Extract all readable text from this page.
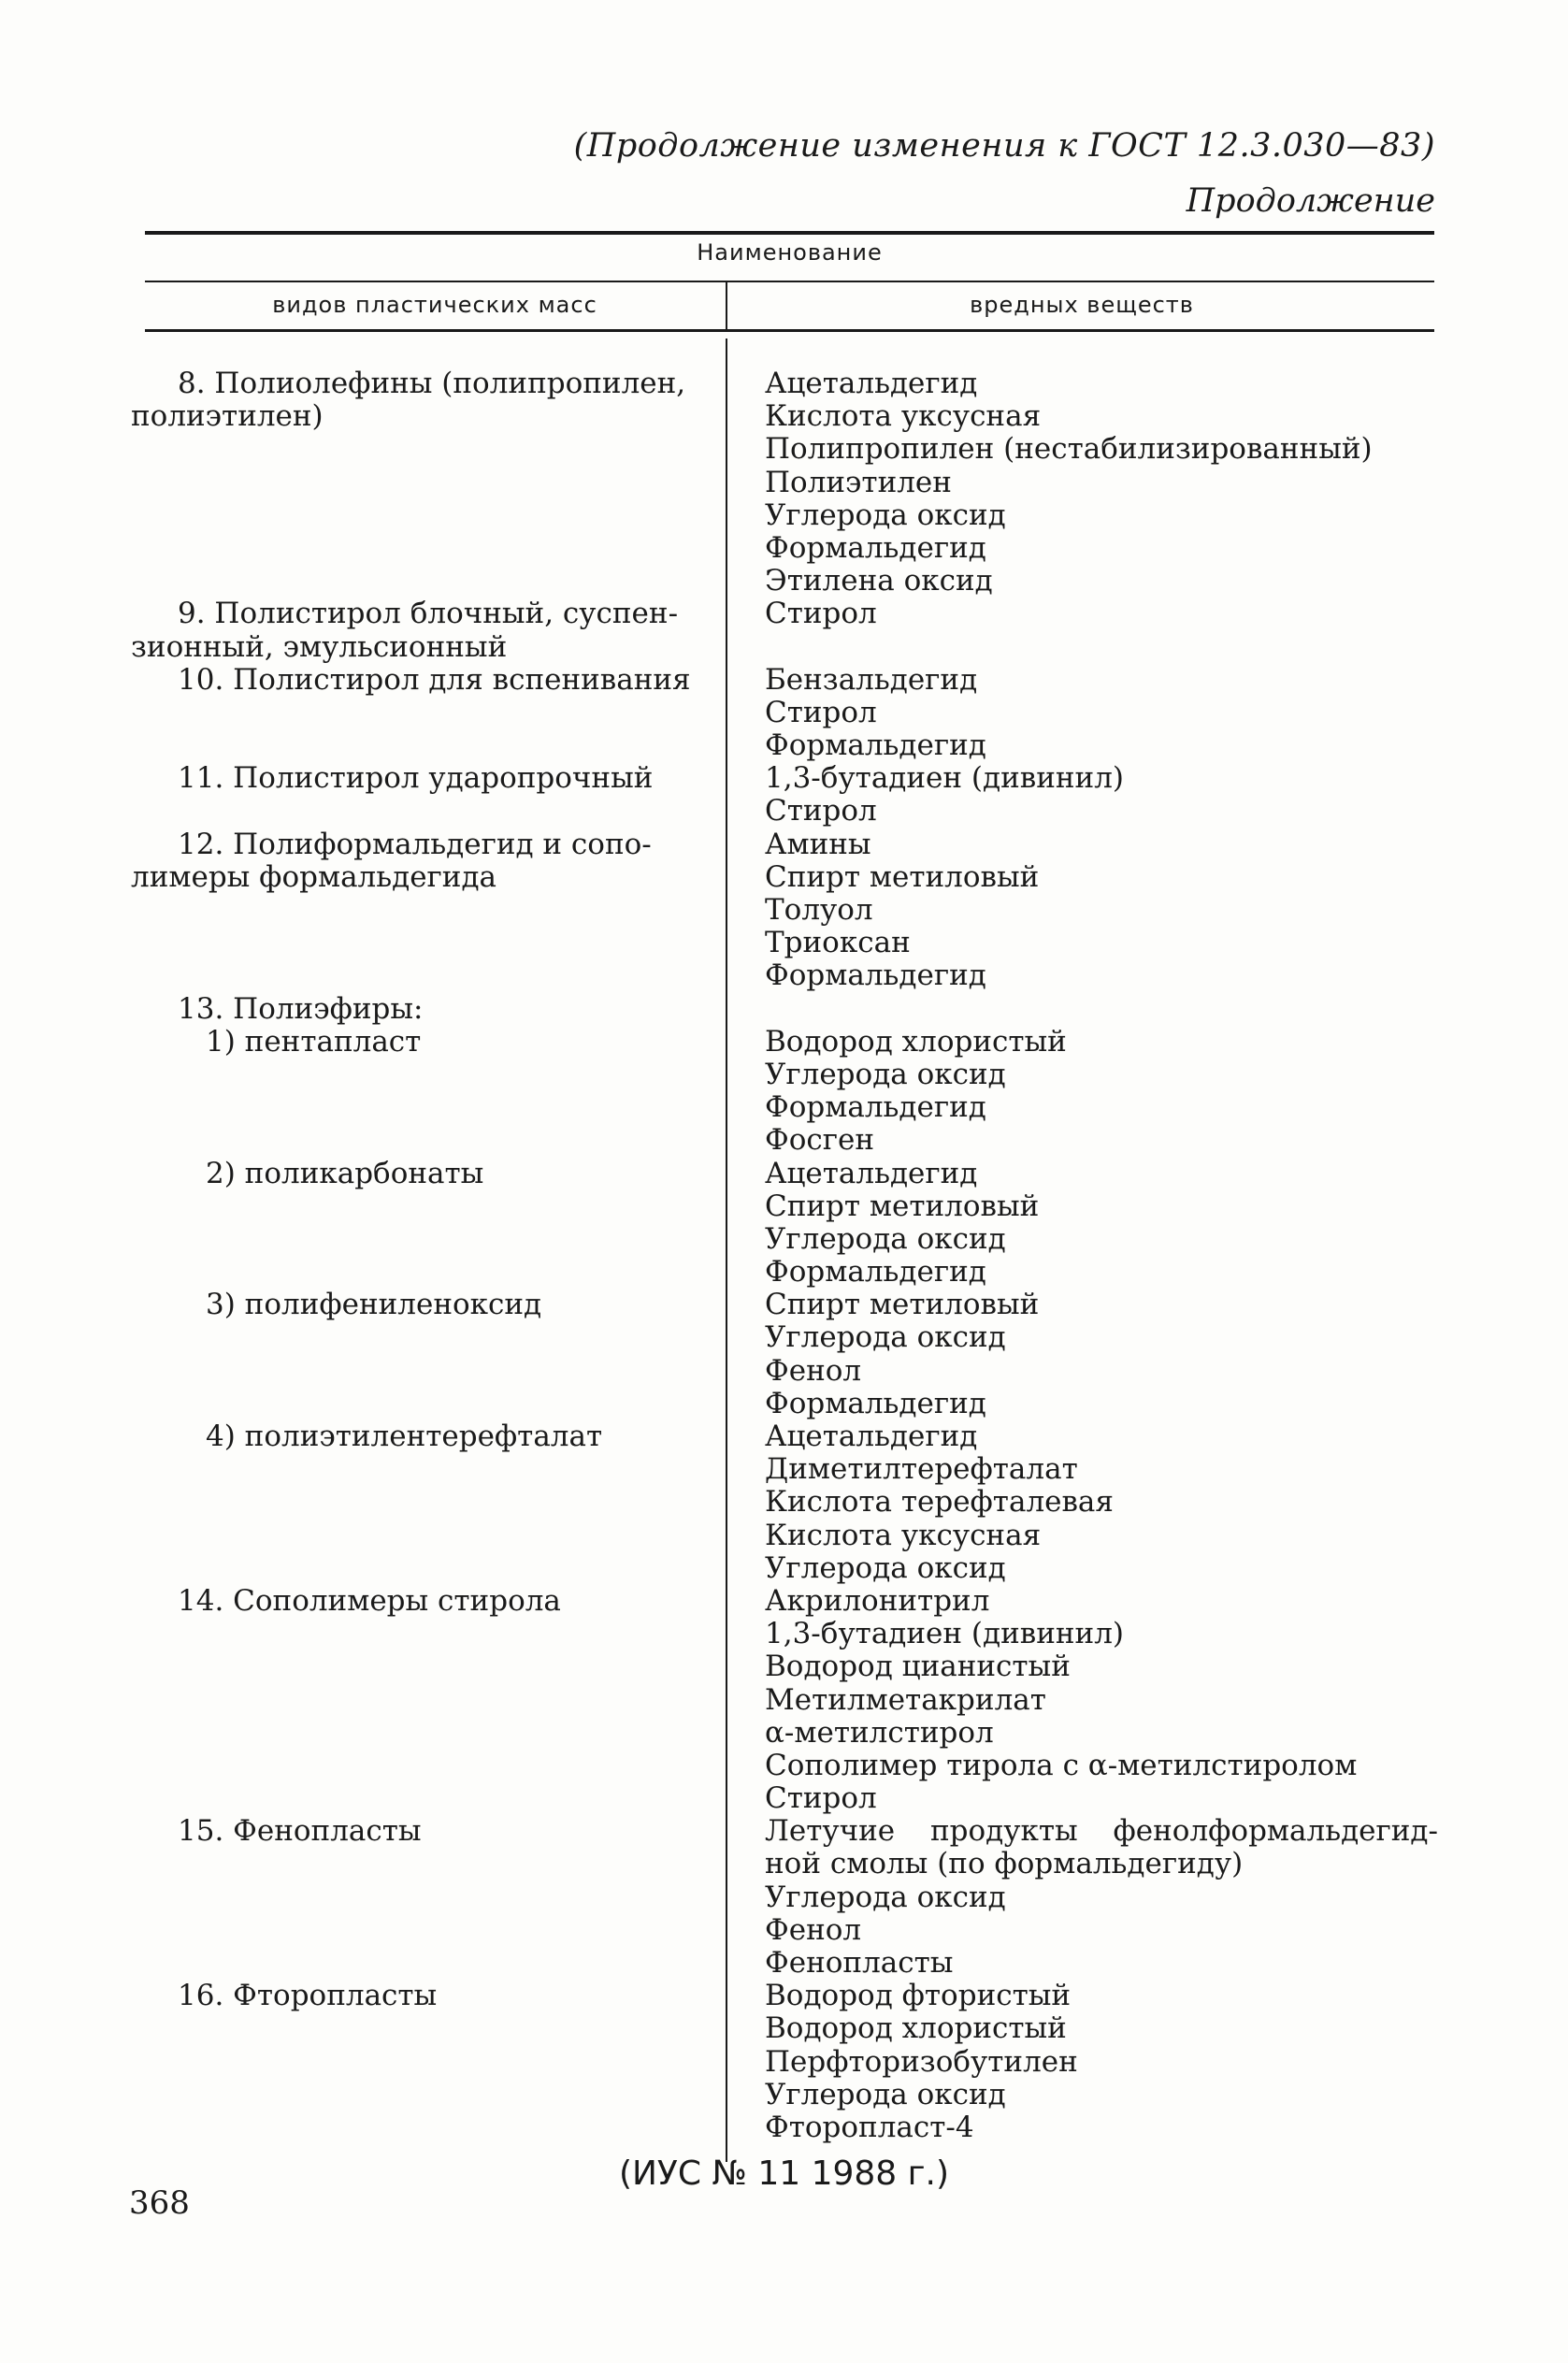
(Продолжение изменения к ГОСТ 12.3.030—83)
Продолжение
Наименование
видов пластических масс	вредных веществ
8. Полиолефины (полипропилен,
полиэтилен)
9. Полистирол блочный, суспен-
зионный, эмульсионный
10. Полистирол для вспенивания
11. Полистирол ударопрочный
12. Полиформальдегид и сопо-
лимеры формальдегида
13. Полиэфиры:
1) пентапласт
2) поликарбонаты
3) полифениленоксид
4) полиэтилентерефталат
14. Сополимеры стирола
15. Фенопласты
16. Фторопласты
Ацетальдегид
Кислота уксусная
Полипропилен (нестабилизированный)
Полиэтилен
Углерода оксид
Формальдегид
Этилена оксид
Стирол
Бензальдегид
Стирол
Формальдегид
1,3-бутадиен (дивинил)
Стирол
Амины
Спирт метиловый
Толуол
Триоксан
Формальдегид
Водород хлористый
Углерода оксид
Формальдегид
Фосген
Ацетальдегид
Спирт метиловый
Углерода оксид
Формальдегид
Спирт метиловый
Углерода оксид
Фенол
Формальдегид
Ацетальдегид
Диметилтерефталат
Кислота терефталевая
Кислота уксусная
Углерода оксид
Акрилонитрил
1,3-бутадиен (дивинил)
Водород цианистый
Метилметакрилат
α-метилстирол
Сополимер тирола с α-метилстиролом
Стирол
Летучие продукты фенолформальдегид-
ной смолы (по формальдегиду)
Углерода оксид
Фенол
Фенопласты
Водород фтористый
Водород хлористый
Перфторизобутилен
Углерода оксид
Фторопласт-4
(ИУС № 11 1988 г.)
368
